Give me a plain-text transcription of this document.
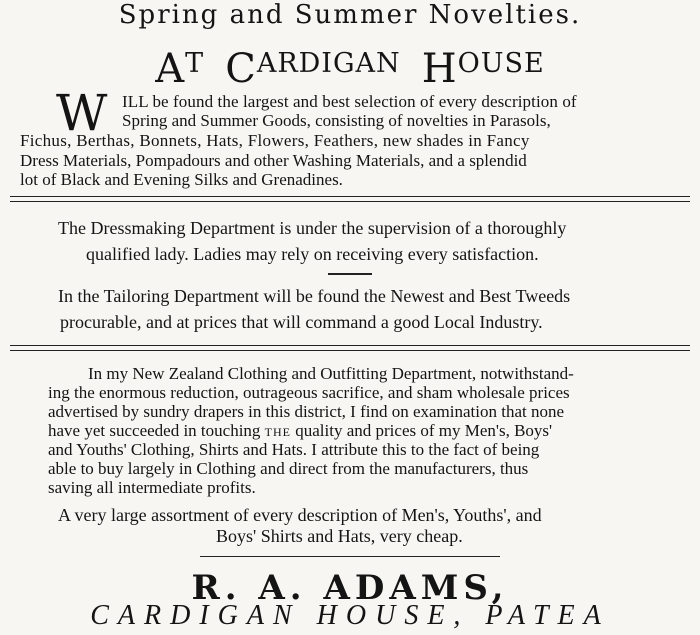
Spring and Summer Novelties.
AT CARDIGAN HOUSE
W ILL be found the largest and best selection of every description of
Spring and Summer Goods, consisting of novelties in Parasols,
Fichus, Berthas, Bonnets, Hats, Flowers, Feathers, new shades in Fancy
Dress Materials, Pompadours and other Washing Materials, and a splendid
lot of Black and Evening Silks and Grenadines.
The Dressmaking Department is under the supervision of a thoroughly
qualified lady. Ladies may rely on receiving every satisfaction.
In the Tailoring Department will be found the Newest and Best Tweeds
procurable, and at prices that will command a good Local Industry.
In my New Zealand Clothing and Outfitting Department, notwithstand-
ing the enormous reduction, outrageous sacrifice, and sham wholesale prices
advertised by sundry drapers in this district, I find on examination that none
have yet succeeded in touching THE quality and prices of my Men's, Boys'
and Youths' Clothing, Shirts and Hats. I attribute this to the fact of being
able to buy largely in Clothing and direct from the manufacturers, thus
saving all intermediate profits.
A very large assortment of every description of Men's, Youths', and
Boys' Shirts and Hats, very cheap.
R. A. ADAMS,
CARDIGAN HOUSE, PATEA
